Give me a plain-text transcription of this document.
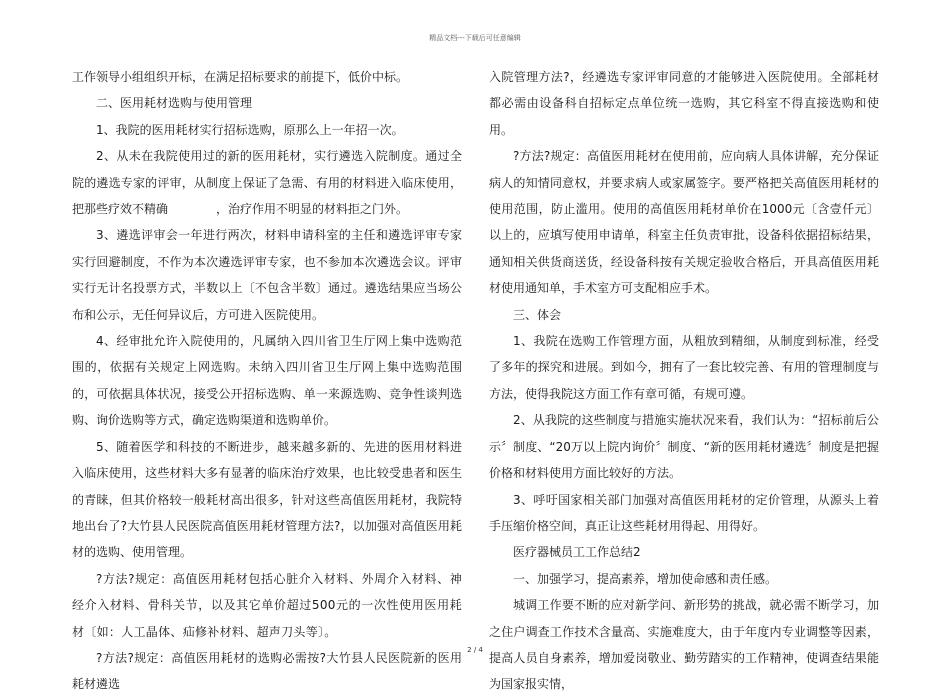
精品文档---下载后可任意编辑

工作领导小组组织开标，在满足招标要求的前提下，低价中标。

二、医用耗材选购与使用管理

1、我院的医用耗材实行招标选购，原那么上一年招一次。

2、从未在我院使用过的新的医用耗材，实行遴选入院制度。通过全院的遴选专家的评审，从制度上保证了急需、有用的材料进入临床使用，把那些疗效不精确　　　　，治疗作用不明显的材料拒之门外。

3、遴选评审会一年进行两次，材料申请科室的主任和遴选评审专家实行回避制度，不作为本次遴选评审专家，也不参加本次遴选会议。评审实行无计名投票方式，半数以上〔不包含半数〕通过。遴选结果应当场公布和公示，无任何异议后，方可进入医院使用。

4、经审批允许入院使用的，凡属纳入四川省卫生厅网上集中选购范围的，依据有关规定上网选购。未纳入四川省卫生厅网上集中选购范围的，可依据具体状况，接受公开招标选购、单一来源选购、竞争性谈判选购、询价选购等方式，确定选购渠道和选购单价。

5、随着医学和科技的不断进步，越来越多新的、先进的医用材料进入临床使用，这些材料大多有显著的临床治疗效果，也比较受患者和医生的青睐，但其价格较一般耗材高出很多，针对这些高值医用耗材，我院特地出台了?大竹县人民医院高值医用耗材管理方法?，以加强对高值医用耗材的选购、使用管理。

?方法?规定：高值医用耗材包括心脏介入材料、外周介入材料、神经介入材料、骨科关节，以及其它单价超过500元的一次性使用医用耗材〔如：人工晶体、疝修补材料、超声刀头等〕。

?方法?规定：高值医用耗材的选购必需按?大竹县人民医院新的医用耗材遴选

入院管理方法?，经遴选专家评审同意的才能够进入医院使用。全部耗材都必需由设备科自招标定点单位统一选购，其它科室不得直接选购和使用。

?方法?规定：高值医用耗材在使用前，应向病人具体讲解，充分保证病人的知情同意权，并要求病人或家属签字。要严格把关高值医用耗材的使用范围，防止滥用。使用的高值医用耗材单价在1000元〔含壹仟元〕以上的，应填写使用申请单，科室主任负责审批，设备科依据招标结果，通知相关供货商送货，经设备科按有关规定验收合格后，开具高值医用耗材使用通知单，手术室方可支配相应手术。

三、体会

1、我院在选购工作管理方面，从粗放到精细，从制度到标准，经受了多年的探究和进展。到如今，拥有了一套比较完善、有用的管理制度与方法，使得我院这方面工作有章可循，有规可遵。

2、从我院的这些制度与措施实施状况来看，我们认为：“招标前后公示〞制度、“20万以上院内询价〞制度、“新的医用耗材遴选〞制度是把握价格和材料使用方面比较好的方法。

3、呼吁国家相关部门加强对高值医用耗材的定价管理，从源头上着手压缩价格空间，真正让这些耗材用得起、用得好。

医疗器械员工工作总结2

一、加强学习，提高素养，增加使命感和责任感。

城调工作要不断的应对新学问、新形势的挑战，就必需不断学习，加之住户调查工作技术含量高、实施难度大，由于年度内专业调整等因素，提高人员自身素养，增加爱岗敬业、勤劳踏实的工作精神，使调查结果能为国家报实情，

2 / 4
